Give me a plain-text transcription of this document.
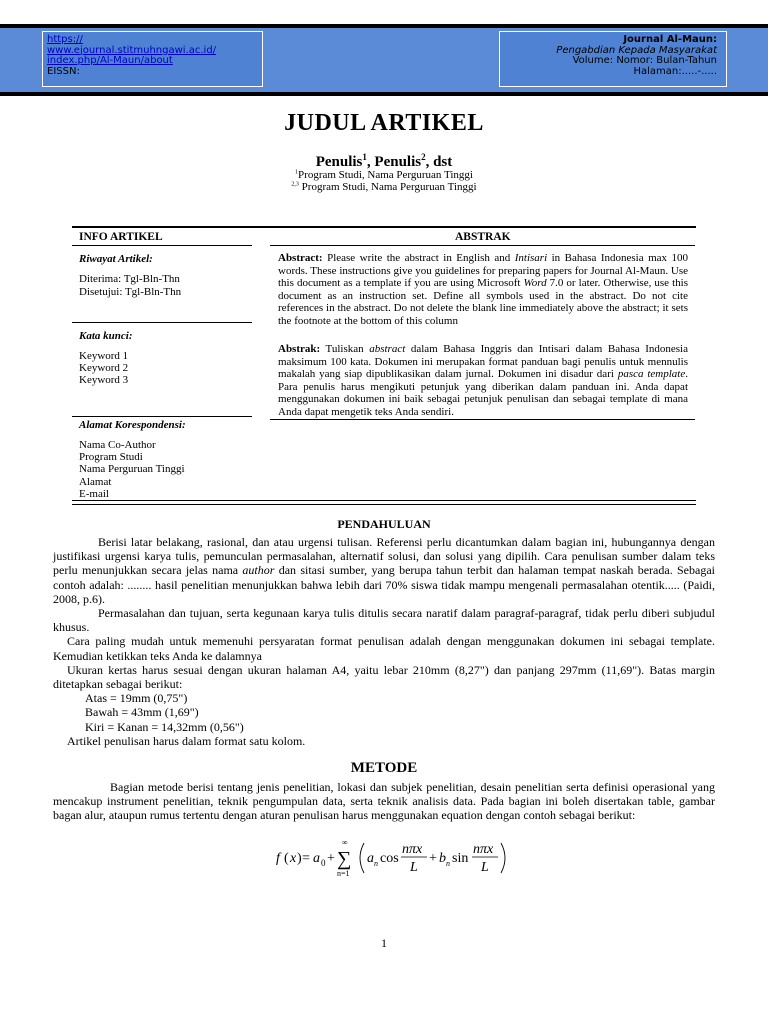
https://
www.ejournal.stitmuhngawi.ac.id/
index.php/Al-Maun/about
EISSN:
Journal Al-Maun:
Pengabdian Kepada Masyarakat
Volume: Nomor: Bulan-Tahun
Halaman:.....-.....
JUDUL ARTIKEL
Penulis$^1$, Penulis$^2$, dst
$^1$Program Studi, Nama Perguruan Tinggi
$^{2,3}$ Program Studi, Nama Perguruan Tinggi
INFO ARTIKEL	ABSTRAK
Riwayat Artikel:
Diterima: Tgl-Bln-Thn
Disetujui: Tgl-Bln-Thn
Kata kunci:
Keyword 1
Keyword 2
Keyword 3
Alamat Korespondensi:
Nama Co-Author
Program Studi
Nama Perguruan Tinggi
Alamat
E-mail
Abstract: Please write the abstract in English and Intisari in Bahasa Indonesia max 100 words. These instructions give you guidelines for preparing papers for Journal Al-Maun. Use this document as a template if you are using Microsoft Word 7.0 or later. Otherwise, use this document as an instruction set. Define all symbols used in the abstract. Do not cite references in the abstract. Do not delete the blank line immediately above the abstract; it sets the footnote at the bottom of this column
Abstrak: Tuliskan abstract dalam Bahasa Inggris dan Intisari dalam Bahasa Indonesia maksimum 100 kata. Dokumen ini merupakan format panduan bagi penulis untuk mennulis makalah yang siap dipublikasikan dalam jurnal. Dokumen ini disadur dari pasca template. Para penulis harus mengikuti petunjuk yang diberikan dalam panduan ini. Anda dapat menggunakan dokumen ini baik sebagai petunjuk penulisan dan sebagai template di mana Anda dapat mengetik teks Anda sendiri.
PENDAHULUAN

Berisi latar belakang, rasional, dan atau urgensi tulisan. Referensi perlu dicantumkan dalam bagian ini, hubungannya dengan justifikasi urgensi karya tulis, pemunculan permasalahan, alternatif solusi, dan solusi yang dipilih. Cara penulisan sumber dalam teks perlu menunjukkan secara jelas nama author dan sitasi sumber, yang berupa tahun terbit dan halaman tempat naskah berada. Sebagai contoh adalah: ........ hasil penelitian menunjukkan bahwa lebih dari 70% siswa tidak mampu mengenali permasalahan otentik..... (Paidi, 2008, p.6).

Permasalahan dan tujuan, serta kegunaan karya tulis ditulis secara naratif dalam paragraf-paragraf, tidak perlu diberi subjudul khusus.

Cara paling mudah untuk memenuhi persyaratan format penulisan adalah dengan menggunakan dokumen ini sebagai template. Kemudian ketikkan teks Anda ke dalamnya

Ukuran kertas harus sesuai dengan ukuran halaman A4, yaitu lebar 210mm (8,27") dan panjang 297mm (11,69"). Batas margin ditetapkan sebagai berikut:

Atas = 19mm (0,75")

Bawah = 43mm (1,69")

Kiri = Kanan = 14,32mm (0,56")

Artikel penulisan harus dalam format satu kolom.

METODE

Bagian metode berisi tentang jenis penelitian, lokasi dan subjek penelitian, desain penelitian serta definisi operasional yang mencakup instrument penelitian, teknik pengumpulan data, serta teknik analisis data. Pada bagian ini boleh disertakan table, gambar bagan alur, ataupun rumus tertentu dengan aturan penulisan harus menggunakan equation dengan contoh sebagai berikut:

f ( x ) = a 0 +
∞
∑
n=1
a n cos
nπx
L
+ b n sin
nπx
L
1
